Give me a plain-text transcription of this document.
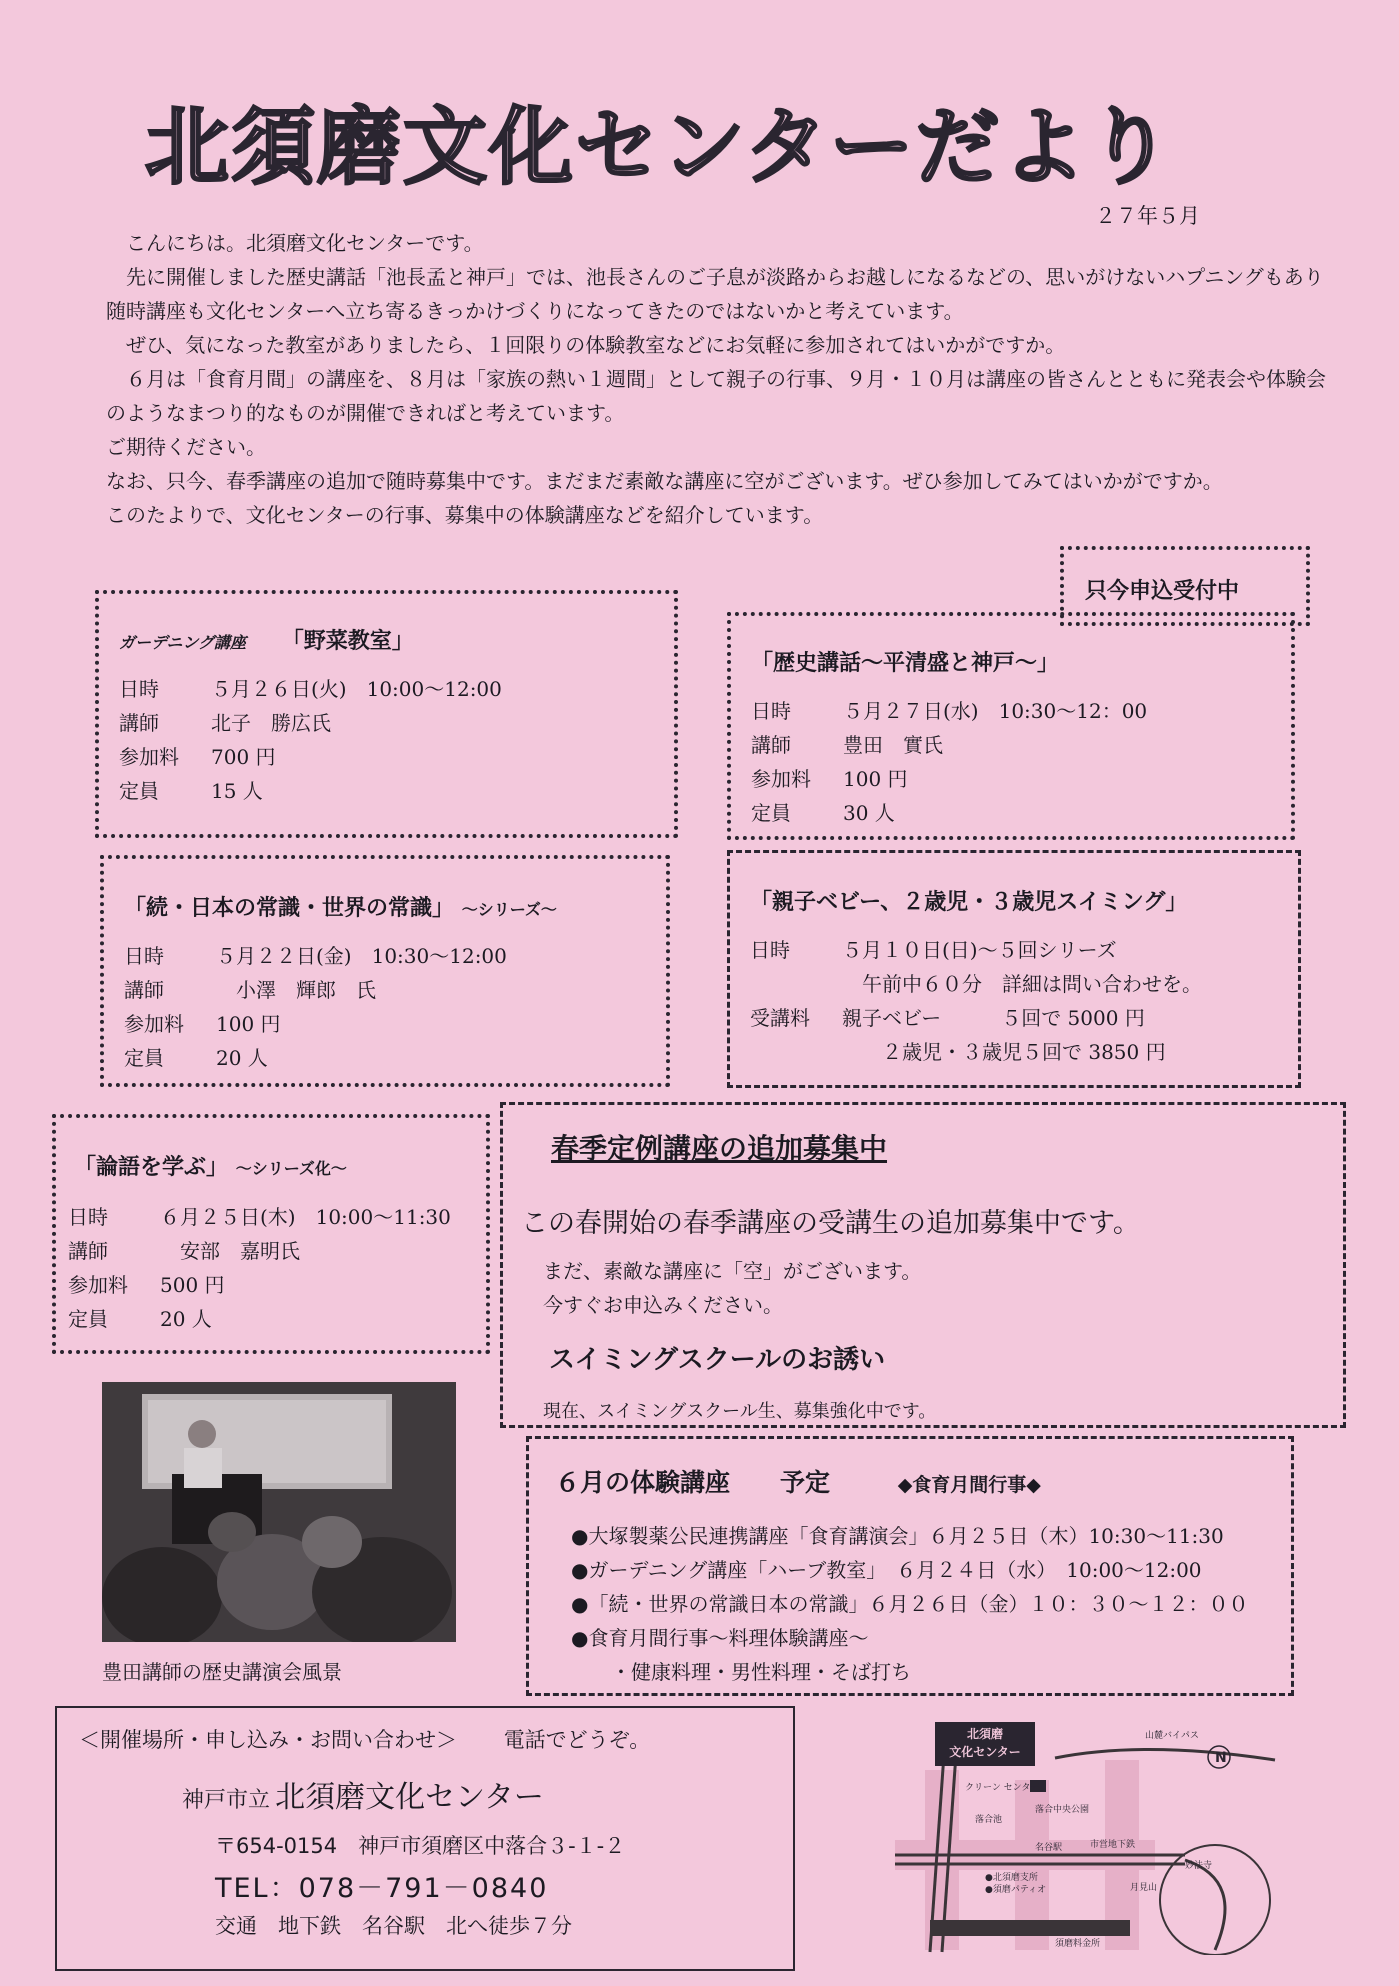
北須磨文化センターだより
２７年５月

　こんにちは。北須磨文化センターです。

　先に開催しました歴史講話「池長孟と神戸」では、池長さんのご子息が淡路からお越しになるなどの、思いがけないハプニングもあり随時講座も文化センターへ立ち寄るきっかけづくりになってきたのではないかと考えています。

　ぜひ、気になった教室がありましたら、１回限りの体験教室などにお気軽に参加されてはいかがですか。

　６月は「食育月間」の講座を、８月は「家族の熱い１週間」として親子の行事、９月・１０月は講座の皆さんとともに発表会や体験会のようなまつり的なものが開催できればと考えています。

ご期待ください。

なお、只今、春季講座の追加で随時募集中です。まだまだ素敵な講座に空がございます。ぜひ参加してみてはいかがですか。

このたよりで、文化センターの行事、募集中の体験講座などを紹介しています。

只今申込受付中
ガーデニング講座 「野菜教室」
日時	５月２６日(火)　10:00～12:00
講師	北子　勝広氏
参加料 700 円
定員	15 人
「歴史講話～平清盛と神戸～」
日時	５月２７日(水)　10:30～12：00
講師	豊田　實氏
参加料 100 円
定員	30 人
「続・日本の常識・世界の常識」 ～シリーズ～
日時	５月２２日(金)　10:30～12:00
講師	　小澤　輝郎　氏
参加料 100 円
定員	20 人
「親子ベビー、２歳児・３歳児スイミング」
日時	５月１０日(日)～５回シリーズ
　午前中６０分　詳細は問い合わせを。
受講料 親子ベビー　　　５回で 5000 円
　　２歳児・３歳児５回で 3850 円
「論語を学ぶ」 ～シリーズ化～
日時	６月２５日(木)　10:00～11:30
講師	　安部　嘉明氏
参加料 500 円
定員	20 人
春季定例講座の追加募集中
この春開始の春季講座の受講生の追加募集中です。
まだ、素敵な講座に「空」がございます。
今すぐお申込みください。
スイミングスクールのお誘い
現在、スイミングスクール生、募集強化中です。
６月の体験講座　　予定	◆食育月間行事◆
●大塚製薬公民連携講座「食育講演会」６月２５日（木）10:30～11:30
●ガーデニング講座「ハーブ教室」　６月２４日（水）　10:00～12:00
●「続・世界の常識日本の常識」６月２６日（金）１０：３０～１２：００
●食育月間行事～料理体験講座～
　　・健康料理・男性料理・そば打ち
豊田講師の歴史講演会風景
＜開催場所・申し込み・お問い合わせ＞ 電話でどうぞ。
神戸市立 北須磨文化センター
〒654-0154　神戸市須磨区中落合３-１-２
TEL：078－791－0840
交通　地下鉄　名谷駅　北へ徒歩７分
北須磨
文化センター
山麓バイパス
クリーン センター
落合中央公園
落合池
名谷駅	市営地下鉄
●北須磨支所
●須磨パティオ
妙法寺
月見山
須磨料金所
N
